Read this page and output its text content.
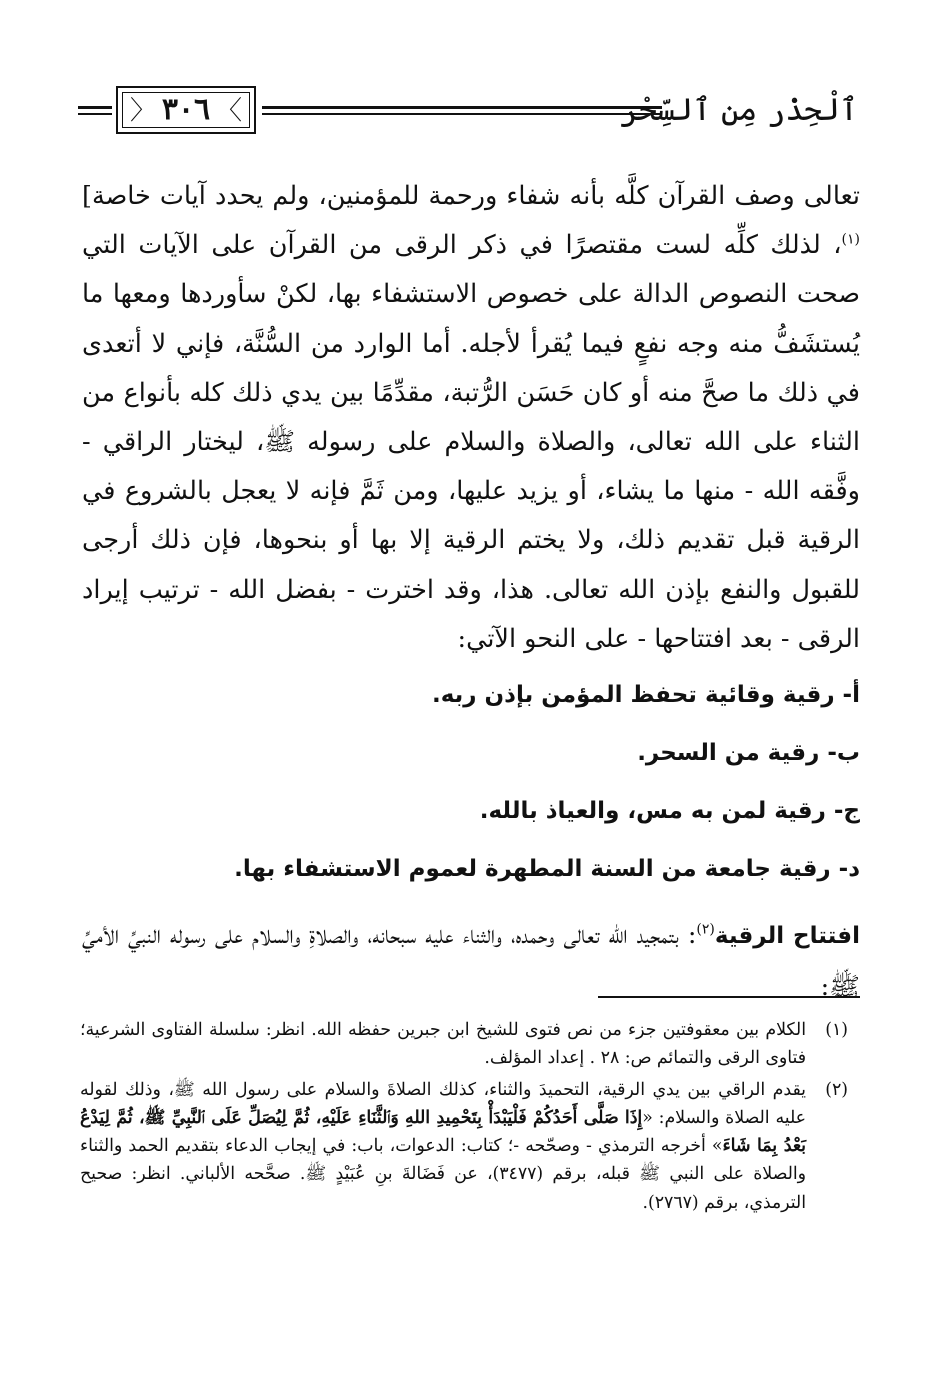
ٱلْحِذْر مِن ٱلسِّحْر
〉 〈
٣٠٦

تعالى وصف القرآن كلَّه بأنه شفاء ورحمة للمؤمنين، ولم يحدد آيات خاصة]$^{(١)}$، لذلك كلِّه لست مقتصرًا في ذكر الرقى من القرآن على الآيات التي صحت النصوص الدالة على خصوص الاستشفاء بها، لكنْ سأوردها ومعها ما يُستشَفُّ منه وجه نفعٍ فيما يُقرأ لأجله. أما الوارد من السُّنَّة، فإني لا أتعدى في ذلك ما صحَّ منه أو كان حَسَن الرُّتبة، مقدِّمًا بين يدي ذلك كله بأنواع من الثناء على الله تعالى، والصلاة والسلام على رسوله ﷺ، ليختار الراقي - وفَّقه الله - منها ما يشاء، أو يزيد عليها، ومن ثَمَّ فإنه لا يعجل بالشروع في الرقية قبل تقديم ذلك، ولا يختم الرقية إلا بها أو بنحوها، فإن ذلك أرجى للقبول والنفع بإذن الله تعالى. هذا، وقد اخترت - بفضل الله - ترتيب إيراد الرقى - بعد افتتاحها - على النحو الآتي:

أ- رقية وقائية تحفظ المؤمن بإذن ربه.

ب- رقية من السحر.

ج- رقية لمن به مس، والعياذ بالله.

د- رقية جامعة من السنة المطهرة لعموم الاستشفاء بها.

افتتاح الرقية$^{(٢)}$: بتمجيد الله تعالى وحمده، والثناء عليه سبحانه، والصلاةِ والسلام على رسوله النبيِّ الأميِّ ﷺ:

(١)
الكلام بين معقوفتين جزء من نص فتوى للشيخ ابن جبرين حفظه الله. انظر: سلسلة الفتاوى الشرعية؛ فتاوى الرقى والتمائم ص: ٢٨ . إعداد المؤلف.
(٢)
يقدم الراقي بين يدي الرقية، التحميدَ والثناء، كذلك الصلاةَ والسلام على رسول الله ﷺ، وذلك لقوله عليه الصلاة والسلام: «إِذَا صَلَّى أَحَدُكُمْ فَلْيَبْدَأْ بِتَحْمِيدِ اللهِ وَٱلثَّنَاءِ عَلَيْهِ، ثُمَّ لِيُصَلِّ عَلَى ٱلنَّبِيِّ ﷺ، ثُمَّ لِيَدْعُ بَعْدُ بِمَا شَاءَ» أخرجه الترمذي - وصحّحه -؛ كتاب: الدعوات، باب: في إيجاب الدعاء بتقديم الحمد والثناء والصلاة على النبي ﷺ قبله، برقم (٣٤٧٧)، عن فَضَالةَ بنِ عُبَيْدٍ ﷺ. صحَّحه الألباني. انظر: صحيح الترمذي، برقم (٢٧٦٧).
